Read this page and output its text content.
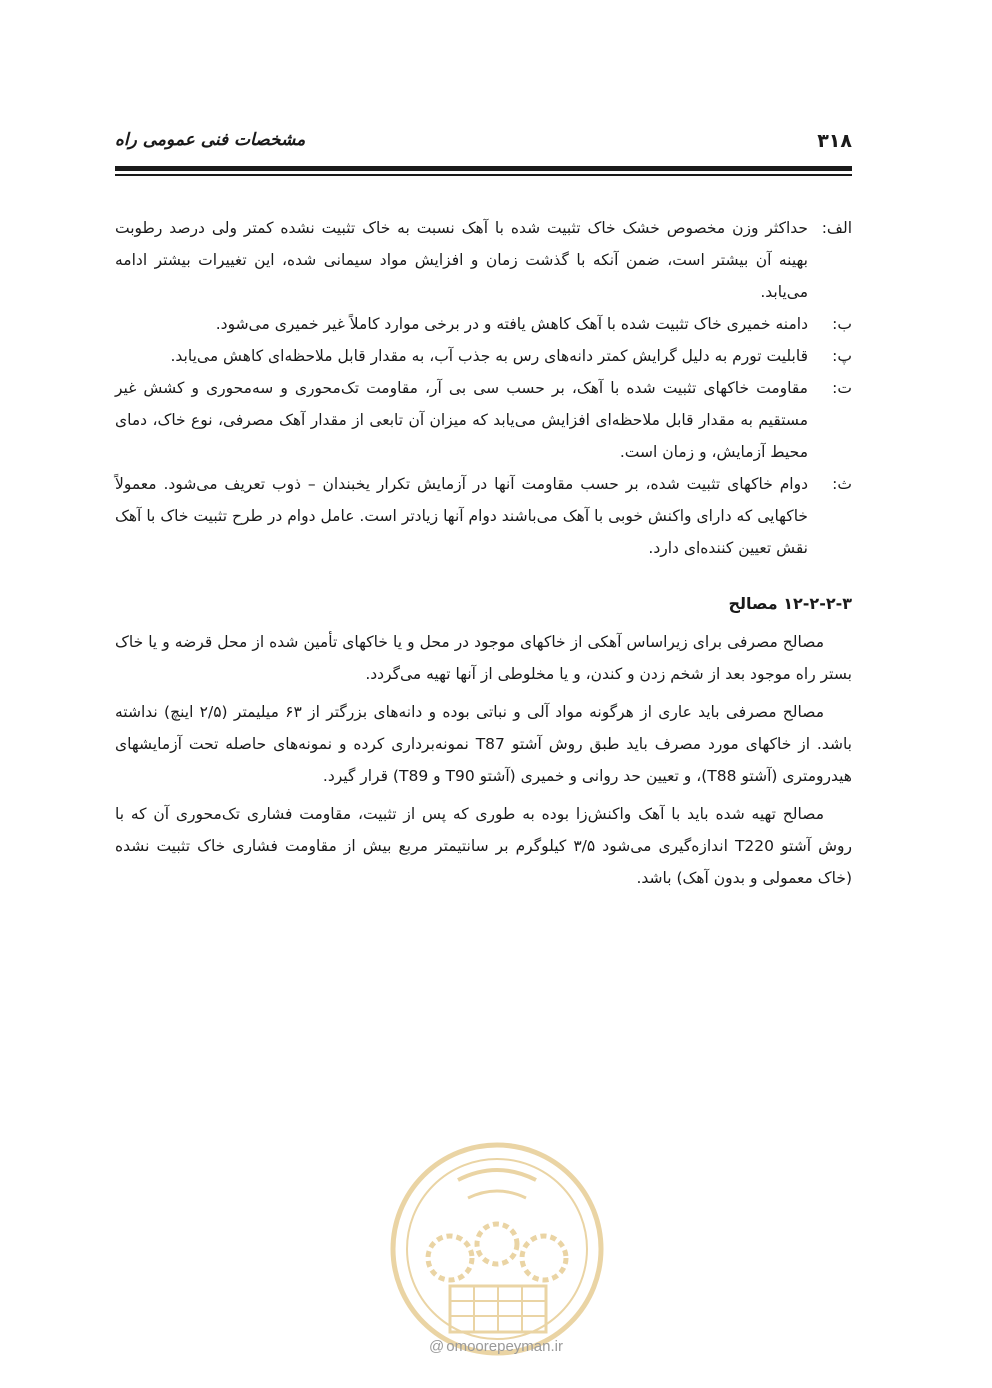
۳۱۸
مشخصات فنی عمومی راه
الف:
حداکثر وزن مخصوص خشک خاک تثبیت شده با آهک نسبت به خاک تثبیت نشده کمتر ولی درصد رطوبت بهینه آن بیشتر است، ضمن آنکه با گذشت زمان و افزایش مواد سیمانی شده، این تغییرات بیشتر ادامه می‌یابد.
ب:
دامنه خمیری خاک تثبیت شده با آهک کاهش یافته و در برخی موارد کاملاً غیر خمیری می‌شود.
پ:
قابلیت تورم به دلیل گرایش کمتر دانه‌های رس به جذب آب، به مقدار قابل ملاحظه‌ای کاهش می‌یابد.
ت:
مقاومت خاکهای تثبیت شده با آهک، بر حسب سی بی آر، مقاومت تک‌محوری و سه‌محوری و کشش غیر مستقیم به مقدار قابل ملاحظه‌ای افزایش می‌یابد که میزان آن تابعی از مقدار آهک مصرفی، نوع خاک، دمای محیط آزمایش، و زمان است.
ث:
دوام خاکهای تثبیت شده، بر حسب مقاومت آنها در آزمایش تکرار یخبندان – ذوب تعریف می‌شود. معمولاً خاکهایی که دارای واکنش خوبی با آهک می‌باشند دوام آنها زیادتر است. عامل دوام در طرح تثبیت خاک با آهک نقش تعیین کننده‌ای دارد.
۱۲-۲-۲-۳ مصالح

مصالح مصرفی برای زیراساس آهکی از خاکهای موجود در محل و یا خاکهای تأمین شده از محل قرضه و یا خاک بستر راه موجود بعد از شخم زدن و کندن، و یا مخلوطی از آنها تهیه می‌گردد.

مصالح مصرفی باید عاری از هرگونه مواد آلی و نباتی بوده و دانه‌های بزرگتر از ۶۳ میلیمتر (۲/۵ اینچ) نداشته باشد. از خاکهای مورد مصرف باید طبق روش آشتو T87 نمونه‌برداری کرده و نمونه‌های حاصله تحت آزمایشهای هیدرومتری (آشتو T88)، و تعیین حد روانی و خمیری (آشتو T90 و T89) قرار گیرد.

مصالح تهیه شده باید با آهک واکنش‌زا بوده به طوری که پس از تثبیت، مقاومت فشاری تک‌محوری آن که با روش آشتو T220 اندازه‌گیری می‌شود ۳/۵ کیلوگرم بر سانتیمتر مربع بیش از مقاومت فشاری خاک تثبیت نشده (خاک معمولی و بدون آهک) باشد.

@ omoorepeyman.ir
